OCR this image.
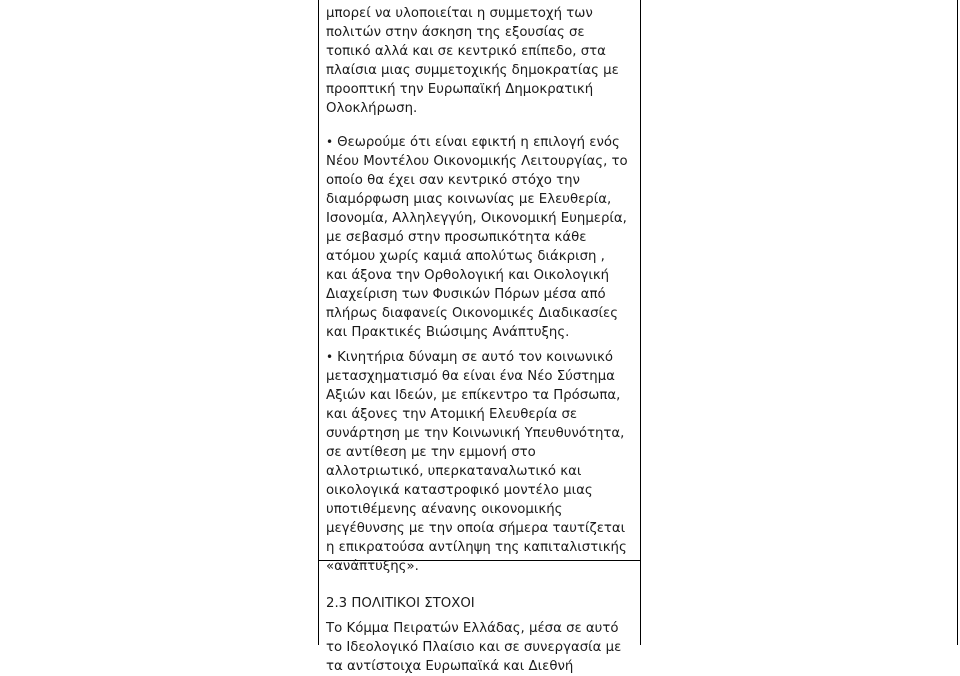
μπορεί να υλοποιείται η συμμετοχή των
πολιτών στην άσκηση της εξουσίας σε
τοπικό αλλά και σε κεντρικό επίπεδο, στα
πλαίσια μιας συμμετοχικής δημοκρατίας με
προοπτική την Ευρωπαϊκή Δημοκρατική
Ολοκλήρωση.

• Θεωρούμε ότι είναι εφικτή η επιλογή ενός
Νέου Μοντέλου Οικονομικής Λειτουργίας, το
οποίο θα έχει σαν κεντρικό στόχο την
διαμόρφωση μιας κοινωνίας με Ελευθερία,
Ισονομία, Αλληλεγγύη, Οικονομική Ευημερία,
με σεβασμό στην προσωπικότητα κάθε
ατόμου χωρίς καμιά απολύτως διάκριση ,
και άξονα την Ορθολογική και Οικολογική
Διαχείριση των Φυσικών Πόρων μέσα από
πλήρως διαφανείς Οικονομικές Διαδικασίες
και Πρακτικές Βιώσιμης Ανάπτυξης.

• Κινητήρια δύναμη σε αυτό τον κοινωνικό
μετασχηματισμό θα είναι ένα Νέο Σύστημα
Αξιών και Ιδεών, με επίκεντρο τα Πρόσωπα,
και άξονες την Ατομική Ελευθερία σε
συνάρτηση με την Κοινωνική Υπευθυνότητα,
σε αντίθεση με την εμμονή στο
αλλοτριωτικό, υπερκαταναλωτικό και
οικολογικά καταστροφικό μοντέλο μιας
υποτιθέμενης αένανης οικονομικής
μεγέθυνσης με την οποία σήμερα ταυτίζεται
η επικρατούσα αντίληψη της καπιταλιστικής
«ανάπτυξης».

2.3 ΠΟΛΙΤΙΚΟΙ ΣΤΟΧΟΙ

Το Κόμμα Πειρατών Ελλάδας, μέσα σε αυτό
το Ιδεολογικό Πλαίσιο και σε συνεργασία με
τα αντίστοιχα Ευρωπαϊκά και Διεθνή
